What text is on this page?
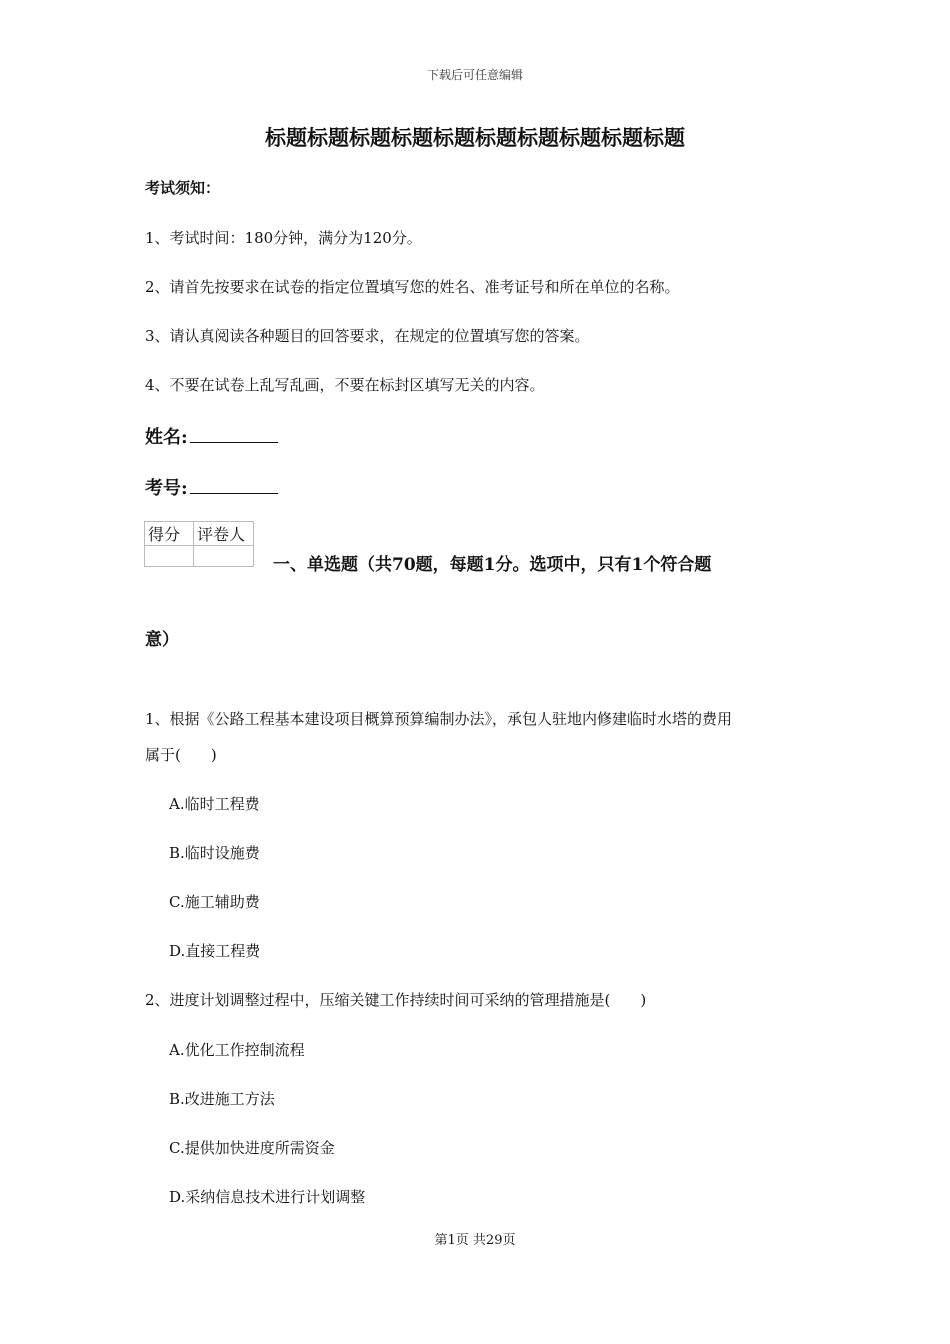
下载后可任意编辑
标题标题标题标题标题标题标题标题标题标题
考试须知：
1、考试时间：180分钟，满分为120分。
2、请首先按要求在试卷的指定位置填写您的姓名、准考证号和所在单位的名称。
3、请认真阅读各种题目的回答要求，在规定的位置填写您的答案。
4、不要在试卷上乱写乱画，不要在标封区填写无关的内容。
姓名:
考号:
得分	评卷人

一、单选题（共70题，每题1分。选项中，只有1个符合题
意）
1、根据《公路工程基本建设项目概算预算编制办法》，承包人驻地内修建临时水塔的费用
属于(　　)
A.临时工程费
B.临时设施费
C.施工辅助费
D.直接工程费
2、进度计划调整过程中，压缩关键工作持续时间可采纳的管理措施是(　　)
A.优化工作控制流程
B.改进施工方法
C.提供加快进度所需资金
D.采纳信息技术进行计划调整
第1页 共29页
